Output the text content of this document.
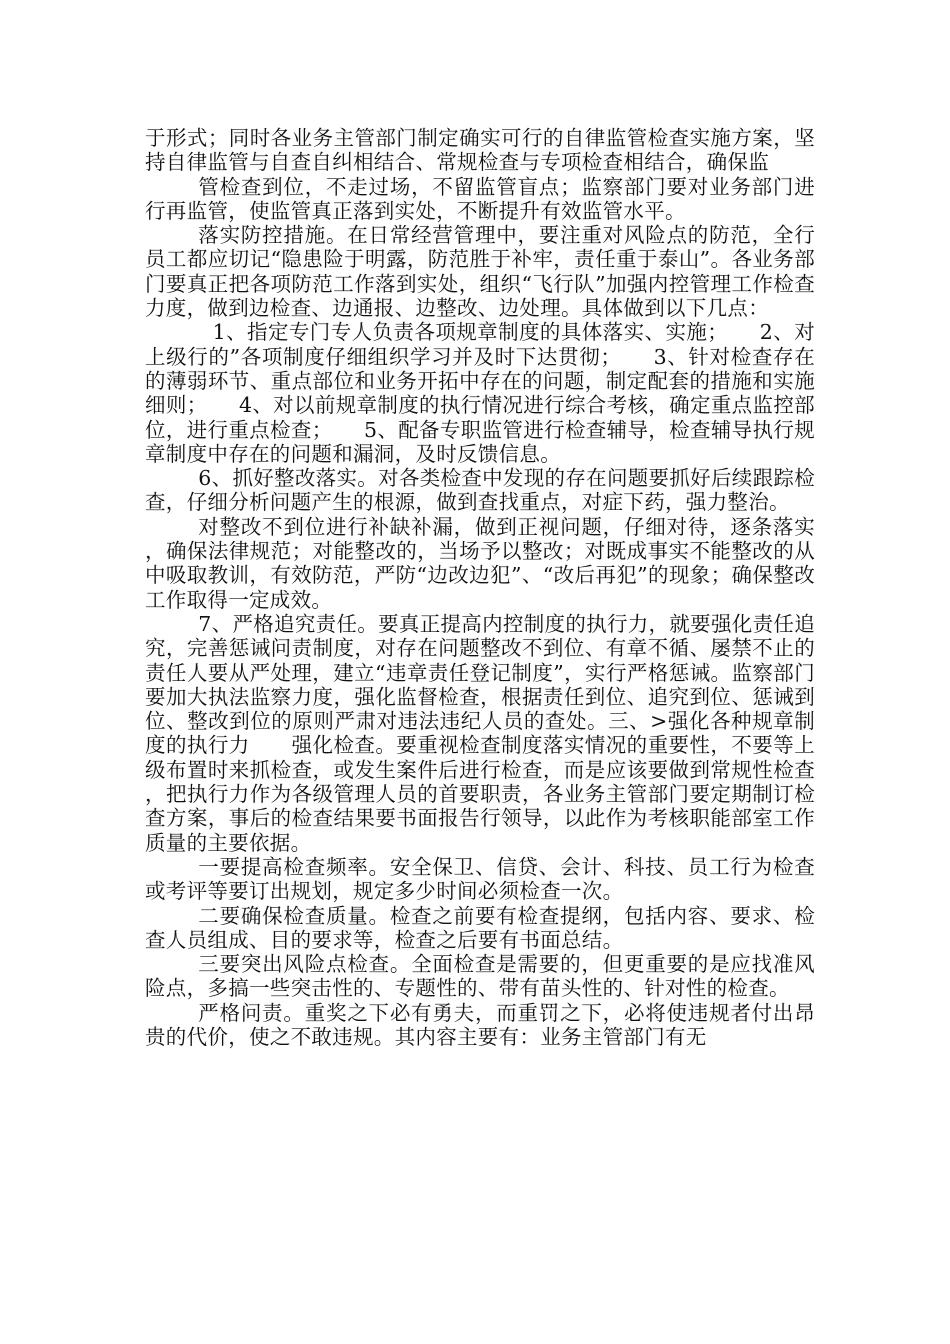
于形式；同时各业务主管部门制定确实可行的自律监管检查实施方案，坚持自律监管与自查自纠相结合、常规检查与专项检查相结合，确保监

管检查到位，不走过场，不留监管盲点；监察部门要对业务部门进行再监管，使监管真正落到实处，不断提升有效监管水平。

落实防控措施。在日常经营管理中，要注重对风险点的防范，全行员工都应切记“隐患险于明露，防范胜于补牢，责任重于泰山”。各业务部门要真正把各项防范工作落到实处，组织“飞行队”加强内控管理工作检查力度，做到边检查、边通报、边整改、边处理。具体做到以下几点：

1、指定专门专人负责各项规章制度的具体落实、实施；　　2、对上级行的”各项制度仔细组织学习并及时下达贯彻；　　3、针对检查存在的薄弱环节、重点部位和业务开拓中存在的问题，制定配套的措施和实施细则；　　4、对以前规章制度的执行情况进行综合考核，确定重点监控部位，进行重点检查；　　5、配备专职监管进行检查辅导，检查辅导执行规章制度中存在的问题和漏洞，及时反馈信息。

6、抓好整改落实。对各类检查中发现的存在问题要抓好后续跟踪检查，仔细分析问题产生的根源，做到查找重点，对症下药，强力整治。

对整改不到位进行补缺补漏，做到正视问题，仔细对待，逐条落实，确保法律规范；对能整改的，当场予以整改；对既成事实不能整改的从中吸取教训，有效防范，严防“边改边犯”、“改后再犯”的现象；确保整改工作取得一定成效。

7、严格追究责任。要真正提高内控制度的执行力，就要强化责任追究，完善惩诫问责制度，对存在问题整改不到位、有章不循、屡禁不止的责任人要从严处理，建立“违章责任登记制度”，实行严格惩诫。监察部门要加大执法监察力度，强化监督检查，根据责任到位、追究到位、惩诫到位、整改到位的原则严肃对违法违纪人员的查处。三、>强化各种规章制度的执行力　　强化检查。要重视检查制度落实情况的重要性，不要等上级布置时来抓检查，或发生案件后进行检查，而是应该要做到常规性检查，把执行力作为各级管理人员的首要职责，各业务主管部门要定期制订检查方案，事后的检查结果要书面报告行领导，以此作为考核职能部室工作质量的主要依据。

一要提高检查频率。安全保卫、信贷、会计、科技、员工行为检查或考评等要订出规划，规定多少时间必须检查一次。

二要确保检查质量。检查之前要有检查提纲，包括内容、要求、检查人员组成、目的要求等，检查之后要有书面总结。

三要突出风险点检查。全面检查是需要的，但更重要的是应找准风险点，多搞一些突击性的、专题性的、带有苗头性的、针对性的检查。

严格问责。重奖之下必有勇夫，而重罚之下，必将使违规者付出昂贵的代价，使之不敢违规。其内容主要有：业务主管部门有无
